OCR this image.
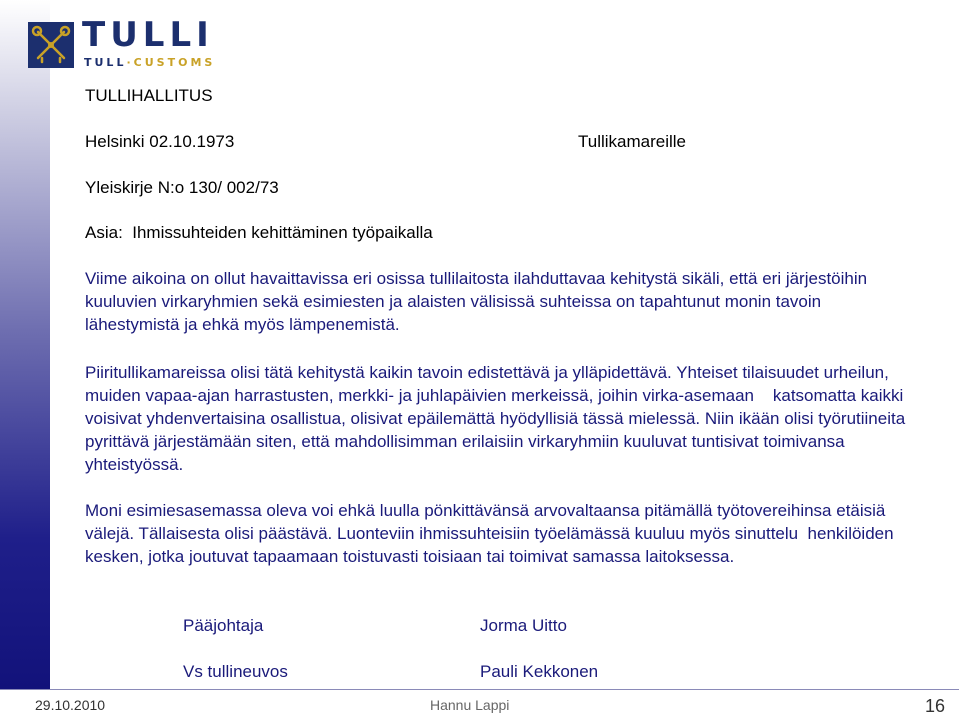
TULLI
TULL·CUSTOMS
TULLIHALLITUS
Helsinki 02.10.1973	Tullikamareille
Yleiskirje N:o 130/ 002/73
Asia:  Ihmissuhteiden kehittäminen työpaikalla
Viime aikoina on ollut havaittavissa eri osissa tullilaitosta ilahduttavaa kehitystä sikäli, että eri järjestöihin kuuluvien virkaryhmien sekä esimiesten ja alaisten välisissä suhteissa on tapahtunut monin tavoin lähestymistä ja ehkä myös lämpenemistä.
Piiritullikamareissa olisi tätä kehitystä kaikin tavoin edistettävä ja ylläpidettävä. Yhteiset tilaisuudet urheilun, muiden vapaa-ajan harrastusten, merkki- ja juhlapäivien merkeissä, joihin virka-asemaan    katsomatta kaikki voisivat yhdenvertaisina osallistua, olisivat epäilemättä hyödyllisiä tässä mielessä. Niin ikään olisi työrutiineita pyrittävä järjestämään siten, että mahdollisimman erilaisiin virkaryhmiin kuuluvat tuntisivat toimivansa yhteistyössä.
Moni esimiesasemassa oleva voi ehkä luulla pönkittävänsä arvovaltaansa pitämällä työtovereihinsa etäisiä välejä. Tällaisesta olisi päästävä. Luonteviin ihmissuhteisiin työelämässä kuuluu myös sinuttelu  henkilöiden kesken, jotka joutuvat tapaamaan toistuvasti toisiaan tai toimivat samassa laitoksessa.
Pääjohtaja	Jorma Uitto
Vs tullineuvos	Pauli Kekkonen
29.10.2010	Hannu Lappi	16
